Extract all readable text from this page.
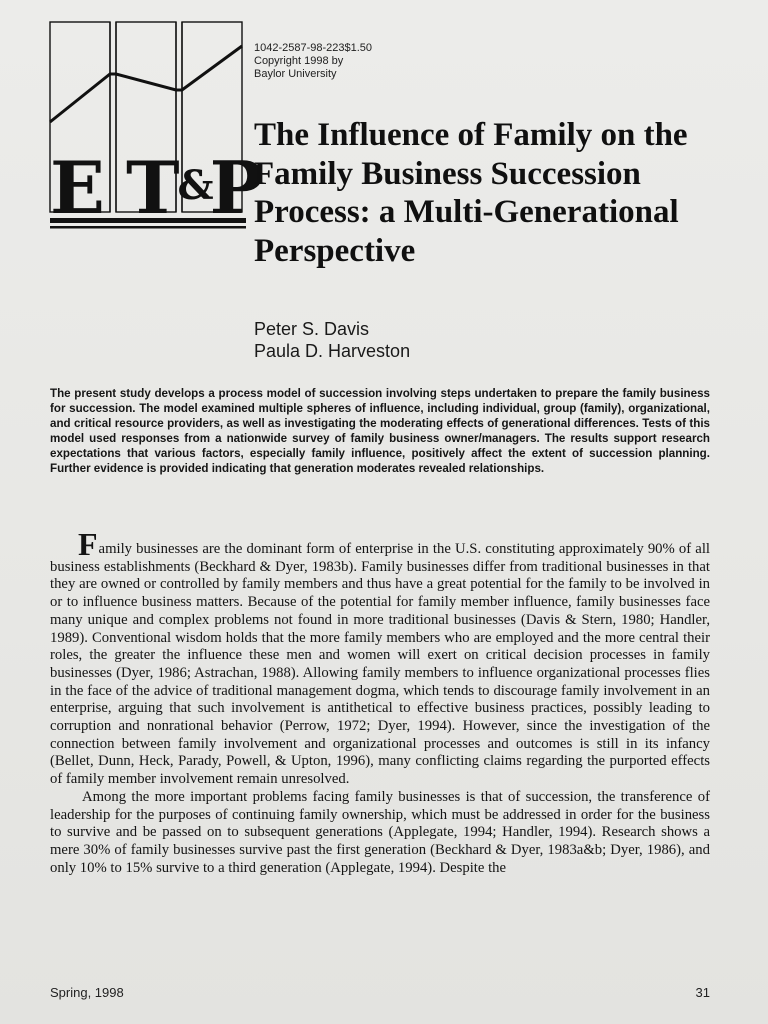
E T&P
1042-2587-98-223$1.50
Copyright 1998 by
Baylor University
The Influence of Family on the Family Business Succession Process: a Multi-Generational Perspective
Peter S. Davis
Paula D. Harveston

The present study develops a process model of succession involving steps undertaken to prepare the family business for succession. The model examined multiple spheres of influence, including individual, group (family), organizational, and critical resource providers, as well as investigating the moderating effects of generational differences. Tests of this model used responses from a nationwide survey of family business owner/managers. The results support research expectations that various factors, especially family influence, positively affect the extent of succession planning. Further evidence is provided indicating that generation moderates revealed relationships.

Family businesses are the dominant form of enterprise in the U.S. constituting approximately 90% of all business establishments (Beckhard & Dyer, 1983b). Family businesses differ from traditional businesses in that they are owned or controlled by family members and thus have a great potential for the family to be involved in or to influence business matters. Because of the potential for family member influence, family businesses face many unique and complex problems not found in more traditional businesses (Davis & Stern, 1980; Handler, 1989). Conventional wisdom holds that the more family members who are employed and the more central their roles, the greater the influence these men and women will exert on critical decision processes in family businesses (Dyer, 1986; Astrachan, 1988). Allowing family members to influence organizational processes flies in the face of the advice of traditional management dogma, which tends to discourage family involvement in an enterprise, arguing that such involvement is antithetical to effective business practices, possibly leading to corruption and nonrational behavior (Perrow, 1972; Dyer, 1994). However, since the investigation of the connection between family involvement and organizational processes and outcomes is still in its infancy (Bellet, Dunn, Heck, Parady, Powell, & Upton, 1996), many conflicting claims regarding the purported effects of family member involvement remain unresolved.

Among the more important problems facing family businesses is that of succession, the transference of leadership for the purposes of continuing family ownership, which must be addressed in order for the business to survive and be passed on to subsequent generations (Applegate, 1994; Handler, 1994). Research shows a mere 30% of family businesses survive past the first generation (Beckhard & Dyer, 1983a&b; Dyer, 1986), and only 10% to 15% survive to a third generation (Applegate, 1994). Despite the

Spring, 1998	31
